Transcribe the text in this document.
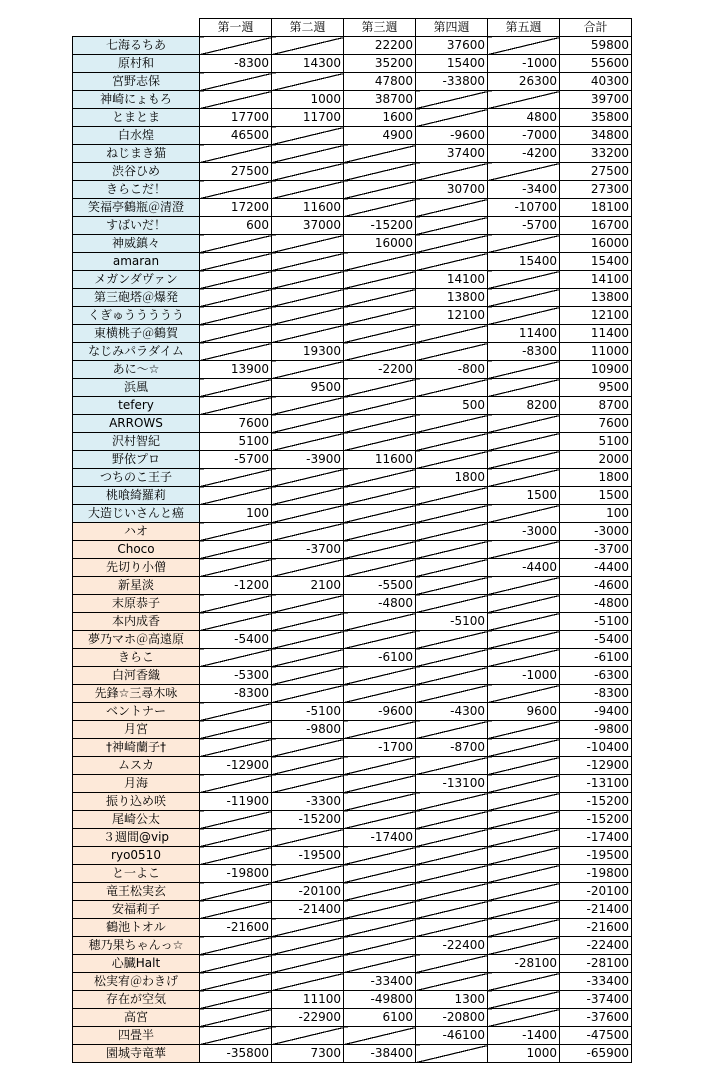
	第一週	第二週	第三週	第四週	第五週	合計
七海るちあ			22200	37600		59800
原村和	-8300	14300	35200	15400	-1000	55600
宮野志保			47800	-33800	26300	40300
神崎にょもろ		1000	38700			39700
とまとま	17700	11700	1600		4800	35800
白水煌	46500		4900	-9600	-7000	34800
ねじまき猫				37400	-4200	33200
渋谷ひめ	27500					27500
きらこだ！				30700	-3400	27300
笑福亭鶴瓶＠清澄	17200	11600			-10700	18100
すばいだ！	600	37000	-15200		-5700	16700
神威鎮々			16000			16000
amaran					15400	15400
メガンダヴァン				14100		14100
第三砲塔＠爆発				13800		13800
くぎゅううううう				12100		12100
東横桃子＠鶴賀					11400	11400
なじみパラダイム		19300			-8300	11000
あに～☆	13900		-2200	-800		10900
浜風		9500				9500
tefery				500	8200	8700
ARROWS	7600					7600
沢村智紀	5100					5100
野依プロ	-5700	-3900	11600			2000
つちのこ王子				1800		1800
桃喰綺羅莉					1500	1500
大造じいさんと癌	100					100
ハオ					-3000	-3000
Choco		-3700				-3700
先切り小僧					-4400	-4400
新星淡	-1200	2100	-5500			-4600
末原恭子			-4800			-4800
本内成香				-5100		-5100
夢乃マホ＠高遠原	-5400					-5400
きらこ			-6100			-6100
白河香織	-5300				-1000	-6300
先鋒☆三尋木咏	-8300					-8300
ベントナー		-5100	-9600	-4300	9600	-9400
月宮		-9800				-9800
†神崎蘭子†			-1700	-8700		-10400
ムスカ	-12900					-12900
月海				-13100		-13100
振り込め咲	-11900	-3300				-15200
尾崎公太		-15200				-15200
３週間@vip			-17400			-17400
ryo0510		-19500				-19500
と一よこ	-19800					-19800
竜王松実玄		-20100				-20100
安福莉子		-21400				-21400
鶴池トオル	-21600					-21600
穂乃果ちゃんっ☆				-22400		-22400
心臓Halt					-28100	-28100
松実宥＠わきげ			-33400			-33400
存在が空気		11100	-49800	1300		-37400
高宮		-22900	6100	-20800		-37600
四畳半				-46100	-1400	-47500
園城寺竜華	-35800	7300	-38400		1000	-65900
